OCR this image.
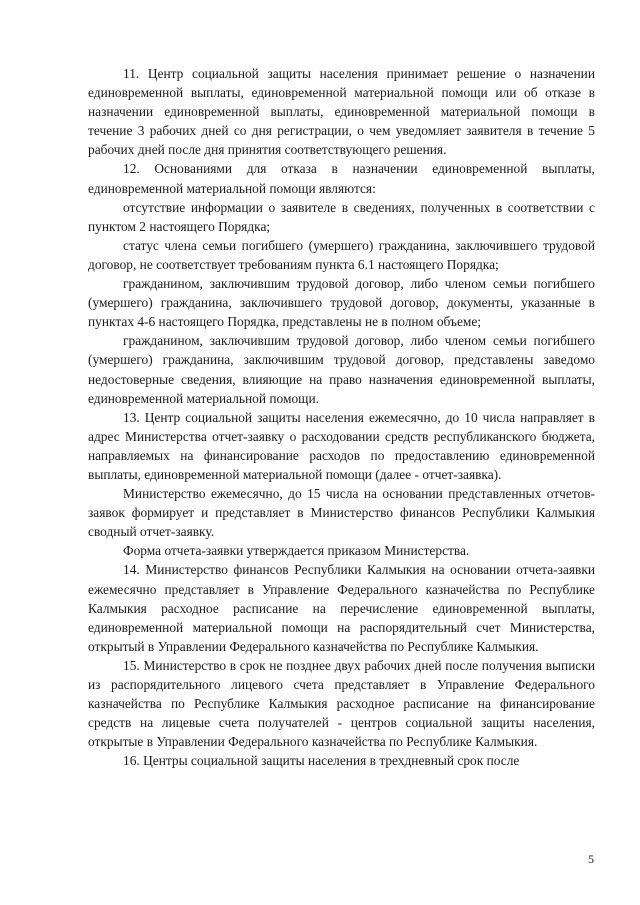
11. Центр социальной защиты населения принимает решение о назначении единовременной выплаты, единовременной материальной помощи или об отказе в назначении единовременной выплаты, единовременной материальной помощи в течение 3 рабочих дней со дня регистрации, о чем уведомляет заявителя в течение 5 рабочих дней после дня принятия соответствующего решения.

12. Основаниями для отказа в назначении единовременной выплаты, единовременной материальной помощи являются:

отсутствие информации о заявителе в сведениях, полученных в соответствии с пунктом 2 настоящего Порядка;

статус члена семьи погибшего (умершего) гражданина, заключившего трудовой договор, не соответствует требованиям пункта 6.1 настоящего Порядка;

гражданином, заключившим трудовой договор, либо членом семьи погибшего (умершего) гражданина, заключившего трудовой договор, документы, указанные в пунктах 4-6 настоящего Порядка, представлены не в полном объеме;

гражданином, заключившим трудовой договор, либо членом семьи погибшего (умершего) гражданина, заключившим трудовой договор, представлены заведомо недостоверные сведения, влияющие на право назначения единовременной выплаты, единовременной материальной помощи.

13. Центр социальной защиты населения ежемесячно, до 10 числа направляет в адрес Министерства отчет-заявку о расходовании средств республиканского бюджета, направляемых на финансирование расходов по предоставлению единовременной выплаты, единовременной материальной помощи (далее - отчет-заявка).

Министерство ежемесячно, до 15 числа на основании представленных отчетов-заявок формирует и представляет в Министерство финансов Республики Калмыкия сводный отчет-заявку.

Форма отчета-заявки утверждается приказом Министерства.

14. Министерство финансов Республики Калмыкия на основании отчета-заявки ежемесячно представляет в Управление Федерального казначейства по Республике Калмыкия расходное расписание на перечисление единовременной выплаты, единовременной материальной помощи на распорядительный счет Министерства, открытый в Управлении Федерального казначейства по Республике Калмыкия.

15. Министерство в срок не позднее двух рабочих дней после получения выписки из распорядительного лицевого счета представляет в Управление Федерального казначейства по Республике Калмыкия расходное расписание на финансирование средств на лицевые счета получателей - центров социальной защиты населения, открытые в Управлении Федерального казначейства по Республике Калмыкия.

16. Центры социальной защиты населения в трехдневный срок после

5
